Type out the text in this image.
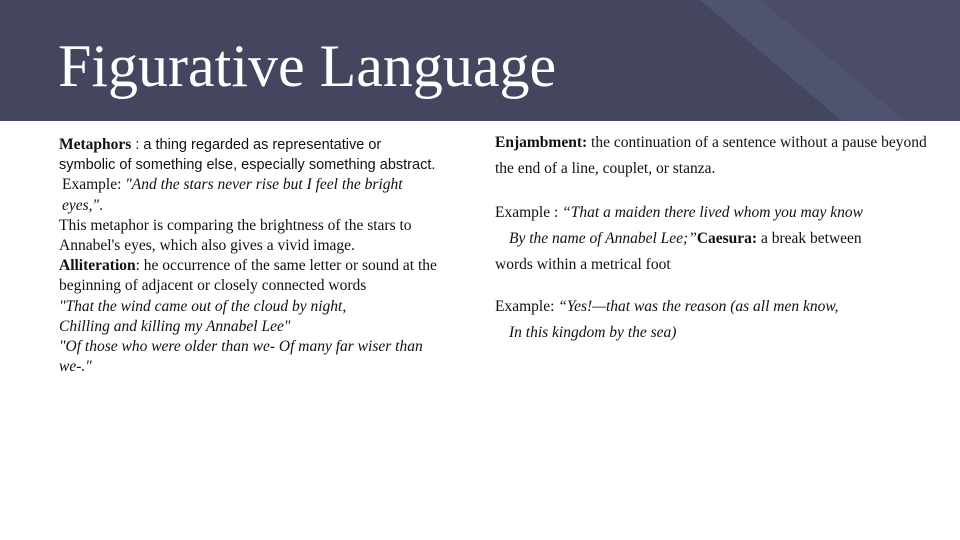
Figurative Language

Metaphors : a thing regarded as representative or symbolic of something else, especially something abstract.

Example: "And the stars never rise but I feel the bright eyes,".

This metaphor is comparing the brightness of the stars to Annabel's eyes, which also gives a vivid image.

Alliteration: he occurrence of the same letter or sound at the beginning of adjacent or closely connected words

"That the wind came out of the cloud by night,
Chilling and killing my Annabel Lee"

"Of those who were older than we- Of many far wiser than we-."

Enjambment: the continuation of a sentence without a pause beyond the end of a line, couplet, or stanza.

Example : “That a maiden there lived whom you may know

By the name of Annabel Lee;”Caesura: a break between

words within a metrical foot

Example: “Yes!—that was the reason (as all men know,

In this kingdom by the sea)
